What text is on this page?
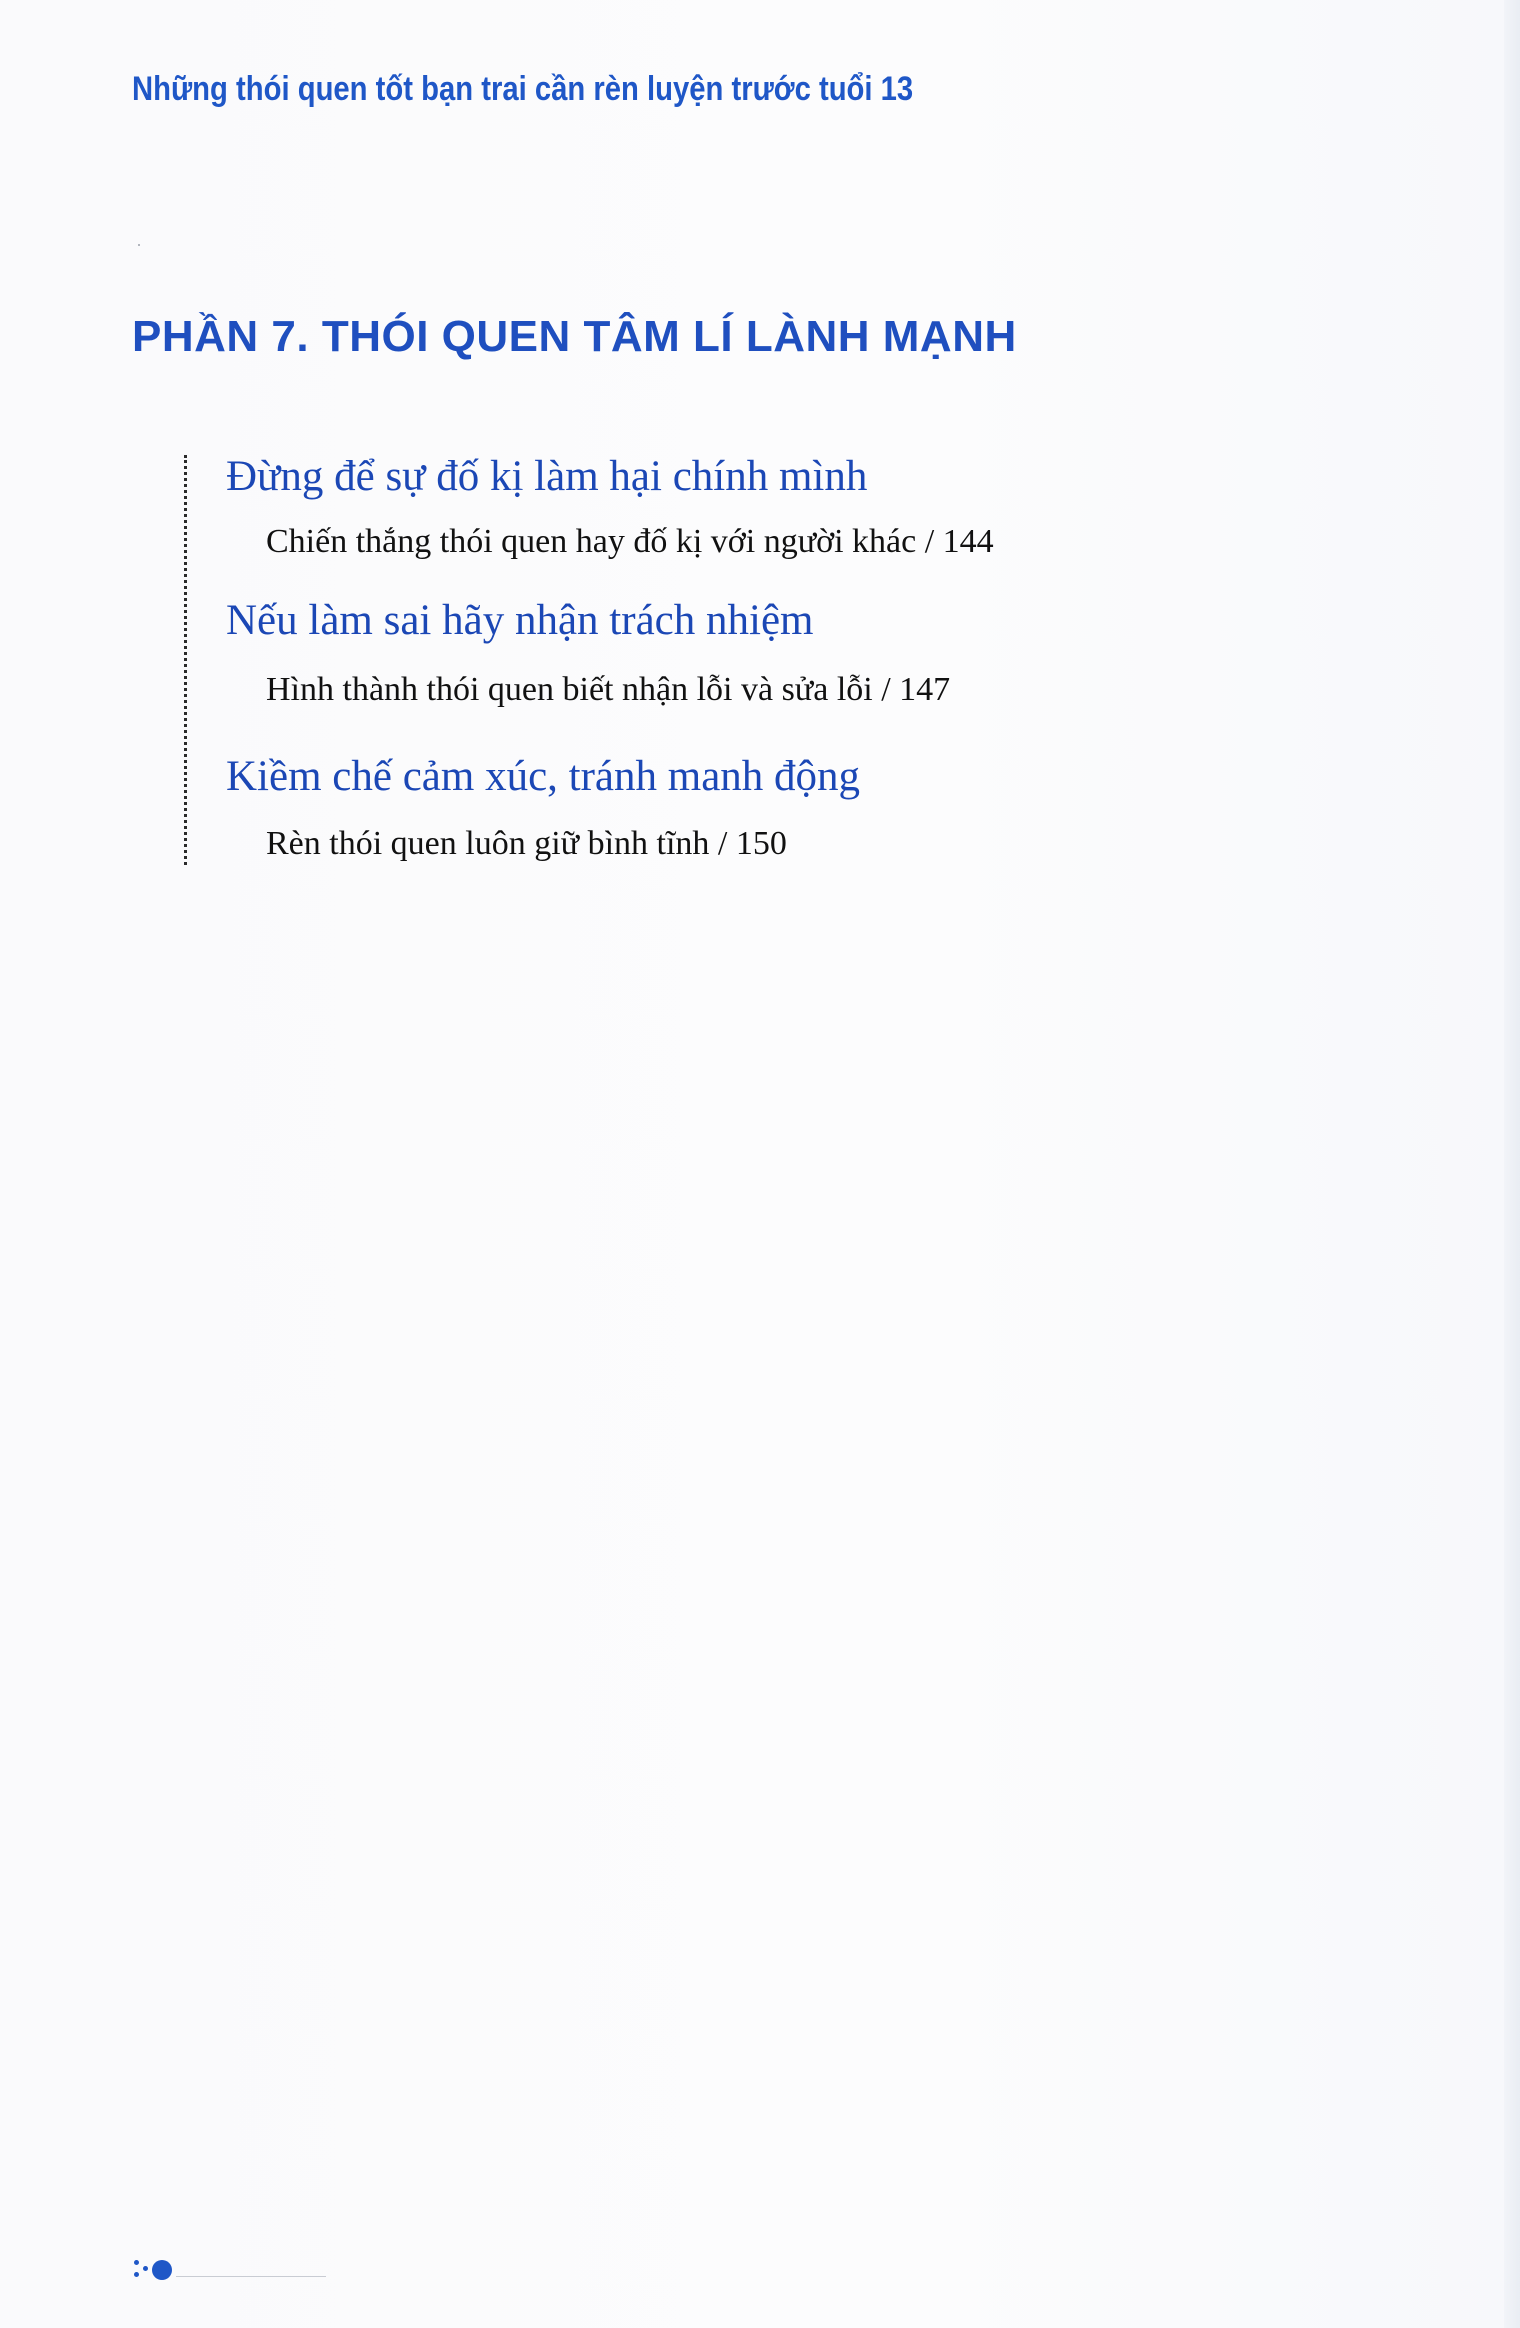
Những thói quen tốt bạn trai cần rèn luyện trước tuổi 13
PHẦN 7. THÓI QUEN TÂM LÍ LÀNH MẠNH
Đừng để sự đố kị làm hại chính mình
Chiến thắng thói quen hay đố kị với người khác / 144
Nếu làm sai hãy nhận trách nhiệm
Hình thành thói quen biết nhận lỗi và sửa lỗi / 147
Kiềm chế cảm xúc, tránh manh động
Rèn thói quen luôn giữ bình tĩnh / 150
